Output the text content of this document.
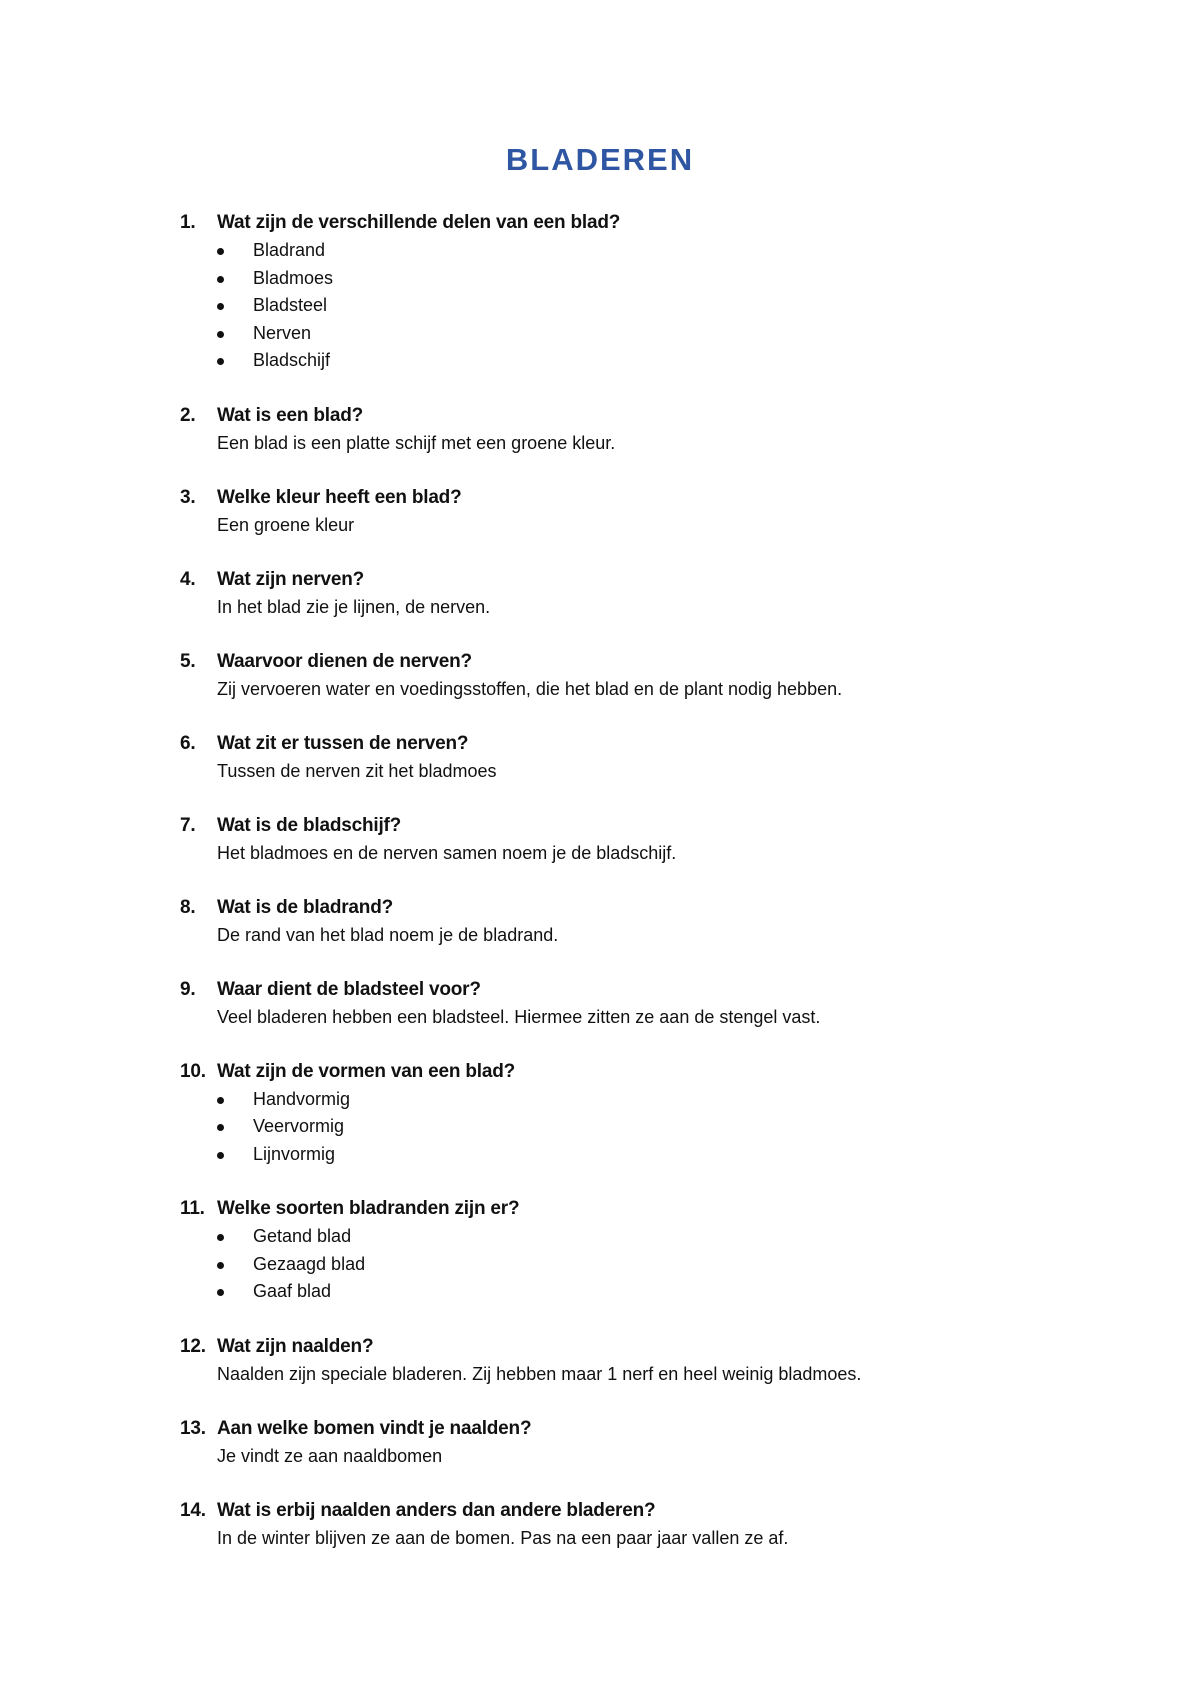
BLADEREN
1. Wat zijn de verschillende delen van een blad?
Bladrand
Bladmoes
Bladsteel
Nerven
Bladschijf
2. Wat is een blad?

Een blad is een platte schijf met een groene kleur.

3. Welke kleur heeft een blad?

Een groene kleur

4. Wat zijn nerven?

In het blad zie je lijnen, de nerven.

5. Waarvoor dienen de nerven?

Zij vervoeren water en voedingsstoffen, die het blad en de plant nodig hebben.

6. Wat zit er tussen de nerven?

Tussen de nerven zit het bladmoes

7. Wat is de bladschijf?

Het bladmoes en de nerven samen noem je de bladschijf.

8. Wat is de bladrand?

De rand van het blad noem je de bladrand.

9. Waar dient de bladsteel voor?

Veel bladeren hebben een bladsteel. Hiermee zitten ze aan de stengel vast.

10. Wat zijn de vormen van een blad?
Handvormig
Veervormig
Lijnvormig
11. Welke soorten bladranden zijn er?
Getand blad
Gezaagd blad
Gaaf blad
12. Wat zijn naalden?

Naalden zijn speciale bladeren. Zij hebben maar 1 nerf en heel weinig bladmoes.

13. Aan welke bomen vindt je naalden?

Je vindt ze aan naaldbomen

14. Wat is erbij naalden anders dan andere bladeren?

In de winter blijven ze aan de bomen. Pas na een paar jaar vallen ze af.
